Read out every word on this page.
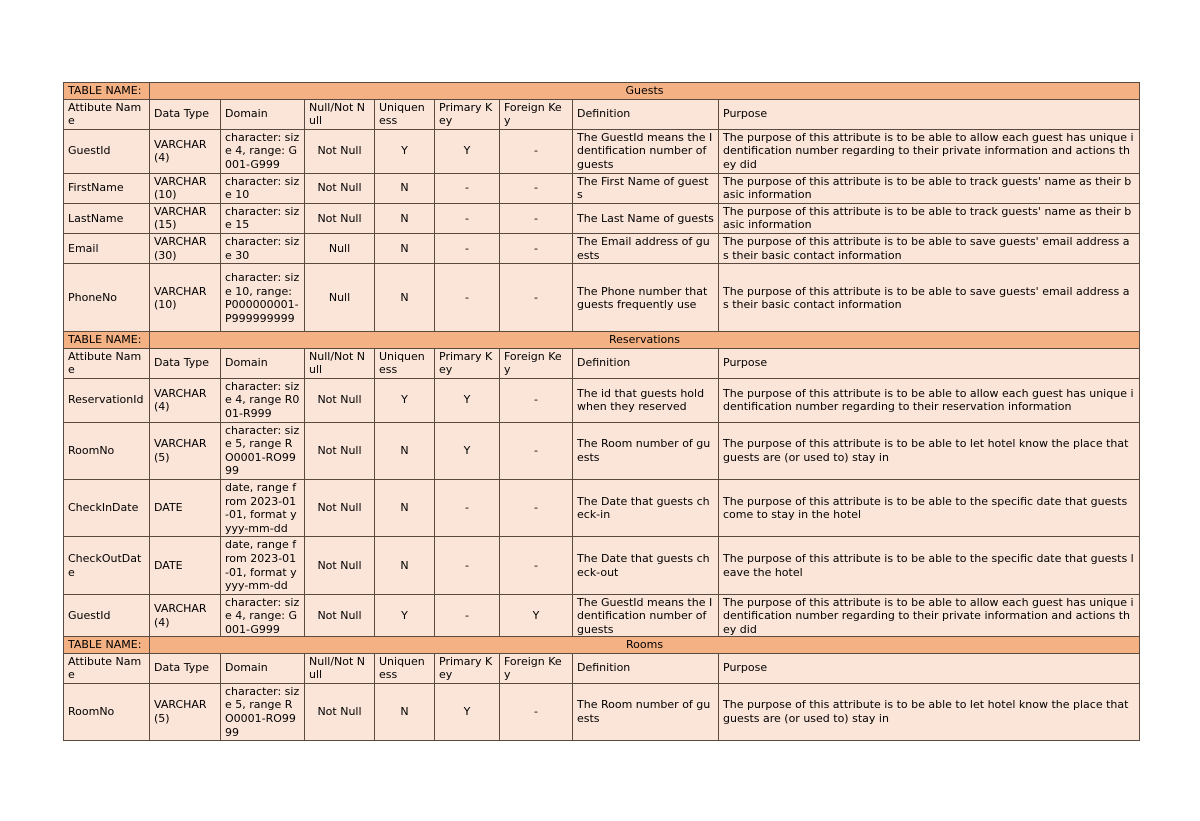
TABLE NAME:	Guests							
Attibute Name	Data Type	Domain	Null/Not Null	Uniqueness	Primary Key	Foreign Key	Definition	Purpose
GuestId	VARCHAR(4)	character: size 4, range: G001-G999	Not Null	Y	Y	-	The GuestId means the Identification number of guests	The purpose of this attribute is to be able to allow each guest has unique identification number regarding to their private information and actions they did
FirstName	VARCHAR(10)	character: size 10	Not Null	N	-	-	The First Name of guests	The purpose of this attribute is to be able to track guests' name as their basic information
LastName	VARCHAR(15)	character: size 15	Not Null	N	-	-	The Last Name of guests	The purpose of this attribute is to be able to track guests' name as their basic information
Email	VARCHAR(30)	character: size 30	Null	N	-	-	The Email address of guests	The purpose of this attribute is to be able to save guests' email address as their basic contact information
PhoneNo	VARCHAR(10)	character: size 10, range: P000000001-P999999999	Null	N	-	-	The Phone number that guests frequently use	The purpose of this attribute is to be able to save guests' email address as their basic contact information
TABLE NAME:	Reservations							
Attibute Name	Data Type	Domain	Null/Not Null	Uniqueness	Primary Key	Foreign Key	Definition	Purpose
ReservationId	VARCHAR(4)	character: size 4, range R001-R999	Not Null	Y	Y	-	The id that guests hold when they reserved	The purpose of this attribute is to be able to allow each guest has unique identification number regarding to their reservation information
RoomNo	VARCHAR(5)	character: size 5, range RO0001-RO9999	Not Null	N	Y	-	The Room number of guests	The purpose of this attribute is to be able to let hotel know the place that guests are (or used to) stay in
CheckInDate	DATE	date, range from 2023-01-01, format yyyy-mm-dd	Not Null	N	-	-	The Date that guests check-in	The purpose of this attribute is to be able to the specific date that guests come to stay in the hotel
CheckOutDate	DATE	date, range from 2023-01-01, format yyyy-mm-dd	Not Null	N	-	-	The Date that guests check-out	The purpose of this attribute is to be able to the specific date that guests leave the hotel
GuestId	VARCHAR(4)	character: size 4, range: G001-G999	Not Null	Y	-	Y	The GuestId means the Identification number of guests	The purpose of this attribute is to be able to allow each guest has unique identification number regarding to their private information and actions they did
TABLE NAME:	Rooms							
Attibute Name	Data Type	Domain	Null/Not Null	Uniqueness	Primary Key	Foreign Key	Definition	Purpose
RoomNo	VARCHAR(5)	character: size 5, range RO0001-RO9999	Not Null	N	Y	-	The Room number of guests	The purpose of this attribute is to be able to let hotel know the place that guests are (or used to) stay in
